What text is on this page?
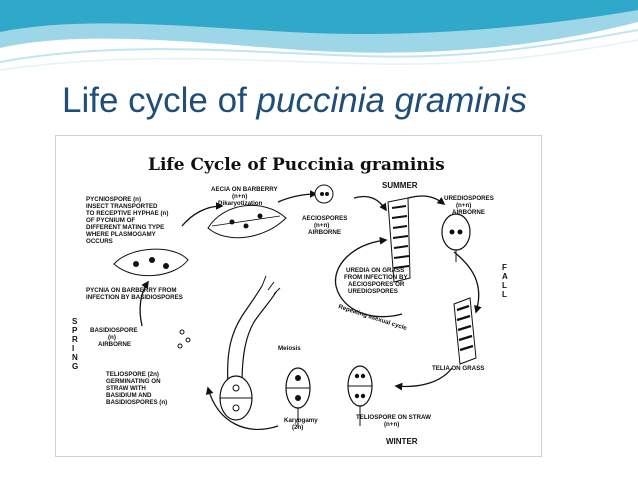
Life cycle of puccinia graminis
Life Cycle of Puccinia graminis
AECIA ON BARBERRY
(n+n)
Dikaryotization
AECIOSPORES
(n+n)
AIRBORNE
SUMMER
UREDIOSPORES
(n+n)
AIRBORNE
F
A
L
L
UREDIA ON GRASS
FROM INFECTION BY
AECIOSPORES OR
UREDIOSPORES
Repeating asexual cycle
PYCNIOSPORE (n)
INSECT TRANSPORTED
TO RECEPTIVE HYPHAE (n)
OF PYCNIUM OF
DIFFERENT MATING TYPE
WHERE PLASMOGAMY
OCCURS
PYCNIA ON BARBERRY FROM
INFECTION BY BASIDIOSPORES
S
P
R
I
N
G
BASIDIOSPORE
(n)
AIRBORNE
Meiosis
TELIOSPORE (2n)
GERMINATING ON
STRAW WITH
BASIDIUM AND
BASIDIOSPORES (n)
Karyogamy
(2n)
TELIOSPORE ON STRAW
(n+n)
TELIA ON GRASS
WINTER
